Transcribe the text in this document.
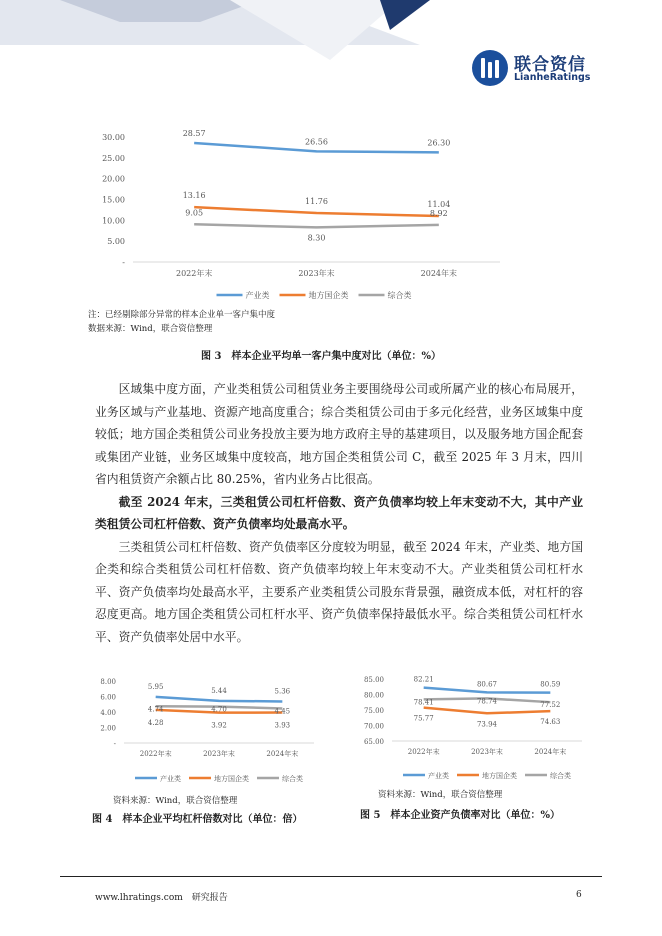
联合资信
LianheRatings
-
5.00
10.00
15.00
20.00
25.00
30.00
2022年末	2023年末	2024年末
28.57
26.56	26.30
13.16
11.76	11.04
9.05
8.30
8.92
产业类	地方国企类	综合类
注：已经剔除部分异常的样本企业单一客户集中度
数据来源：Wind，联合资信整理
图 3　样本企业平均单一客户集中度对比（单位：%）

区域集中度方面，产业类租赁公司租赁业务主要围绕母公司或所属产业的核心布局展开，业务区域与产业基地、资源产地高度重合；综合类租赁公司由于多元化经营，业务区域集中度较低；地方国企类租赁公司业务投放主要为地方政府主导的基建项目，以及服务地方国企配套或集团产业链，业务区域集中度较高，地方国企类租赁公司 C，截至 2025 年 3 月末，四川省内租赁资产余额占比 80.25%，省内业务占比很高。

截至 2024 年末，三类租赁公司杠杆倍数、资产负债率均较上年末变动不大，其中产业类租赁公司杠杆倍数、资产负债率均处最高水平。

三类租赁公司杠杆倍数、资产负债率区分度较为明显，截至 2024 年末，产业类、地方国企类和综合类租赁公司杠杆倍数、资产负债率均较上年末变动不大。产业类租赁公司杠杆水平、资产负债率均处最高水平，主要系产业类租赁公司股东背景强，融资成本低，对杠杆的容忍度更高。地方国企类租赁公司杠杆水平、资产负债率保持最低水平。综合类租赁公司杠杆水平、资产负债率处居中水平。

-
2.00
4.00
6.00
8.00
2022年末	2023年末	2024年末
5.95	5.44	5.36
4.28	3.92	3.93
4.74	4.70	4.45
产业类	地方国企类	综合类
资料来源：Wind，联合资信整理
图 4　样本企业平均杠杆倍数对比（单位：倍）
65.00
70.00
75.00
80.00
85.00
2022年末	2023年末	2024年末
82.21
80.67	80.59
75.77
73.94	74.63
78.41	78.74	77.52
产业类	地方国企类	综合类
资料来源：Wind，联合资信整理
图 5　样本企业资产负债率对比（单位：%）
www.lhratings.com　研究报告	6
